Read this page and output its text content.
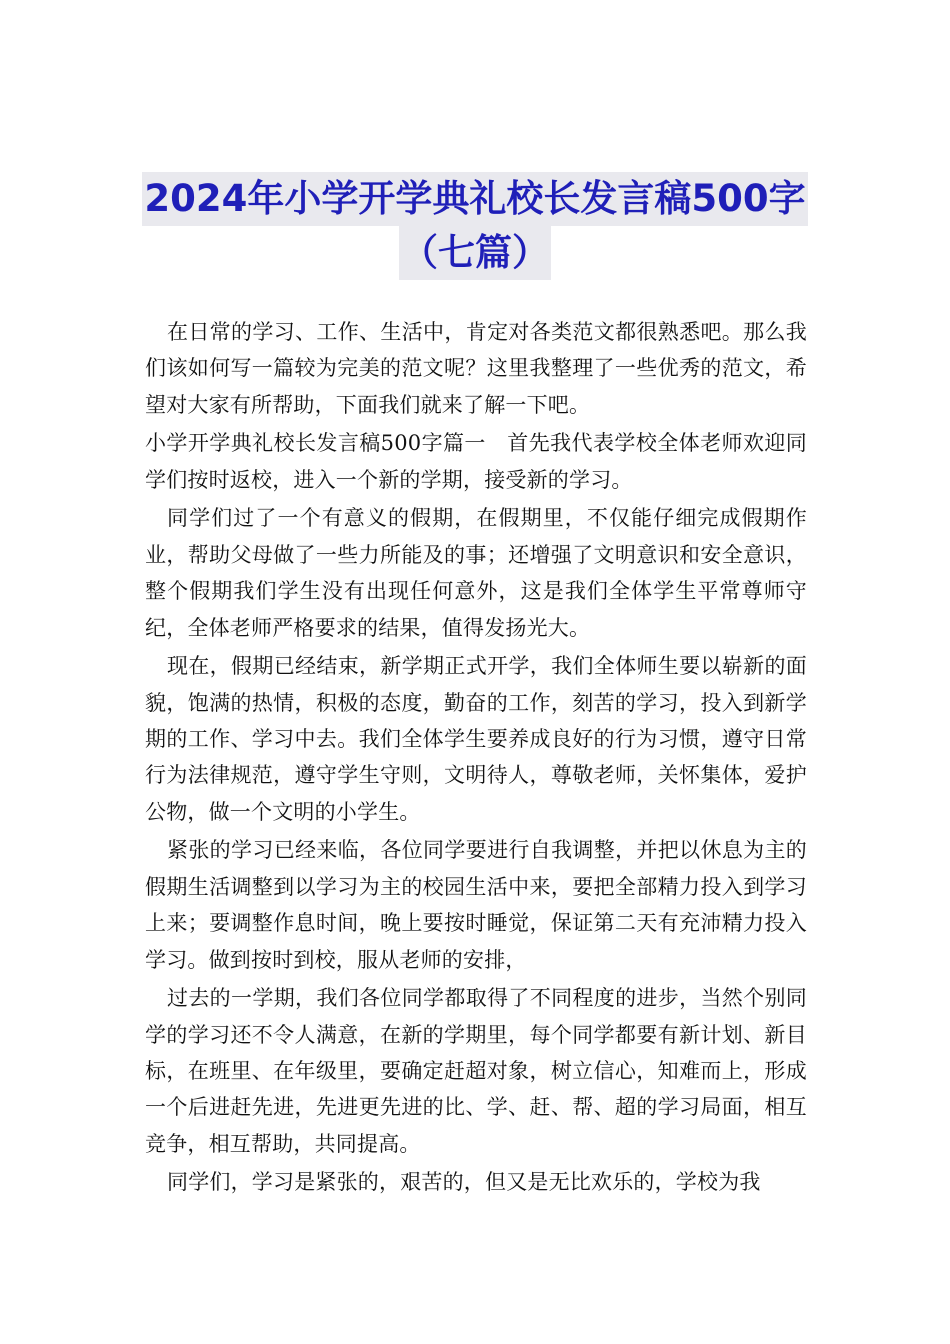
2024年小学开学典礼校长发言稿500字
（七篇）

在日常的学习、工作、生活中，肯定对各类范文都很熟悉吧。那么我们该如何写一篇较为完美的范文呢？这里我整理了一些优秀的范文，希望对大家有所帮助，下面我们就来了解一下吧。

小学开学典礼校长发言稿500字篇一　首先我代表学校全体老师欢迎同学们按时返校，进入一个新的学期，接受新的学习。

同学们过了一个有意义的假期，在假期里，不仅能仔细完成假期作业，帮助父母做了一些力所能及的事；还增强了文明意识和安全意识，整个假期我们学生没有出现任何意外，这是我们全体学生平常尊师守纪，全体老师严格要求的结果，值得发扬光大。

现在，假期已经结束，新学期正式开学，我们全体师生要以崭新的面貌，饱满的热情，积极的态度，勤奋的工作，刻苦的学习，投入到新学期的工作、学习中去。我们全体学生要养成良好的行为习惯，遵守日常行为法律规范，遵守学生守则，文明待人，尊敬老师，关怀集体，爱护公物，做一个文明的小学生。

紧张的学习已经来临，各位同学要进行自我调整，并把以休息为主的假期生活调整到以学习为主的校园生活中来，要把全部精力投入到学习上来；要调整作息时间，晚上要按时睡觉，保证第二天有充沛精力投入学习。做到按时到校，服从老师的安排，

过去的一学期，我们各位同学都取得了不同程度的进步，当然个别同学的学习还不令人满意，在新的学期里，每个同学都要有新计划、新目标，在班里、在年级里，要确定赶超对象，树立信心，知难而上，形成一个后进赶先进，先进更先进的比、学、赶、帮、超的学习局面，相互竞争，相互帮助，共同提高。

同学们，学习是紧张的，艰苦的，但又是无比欢乐的，学校为我
